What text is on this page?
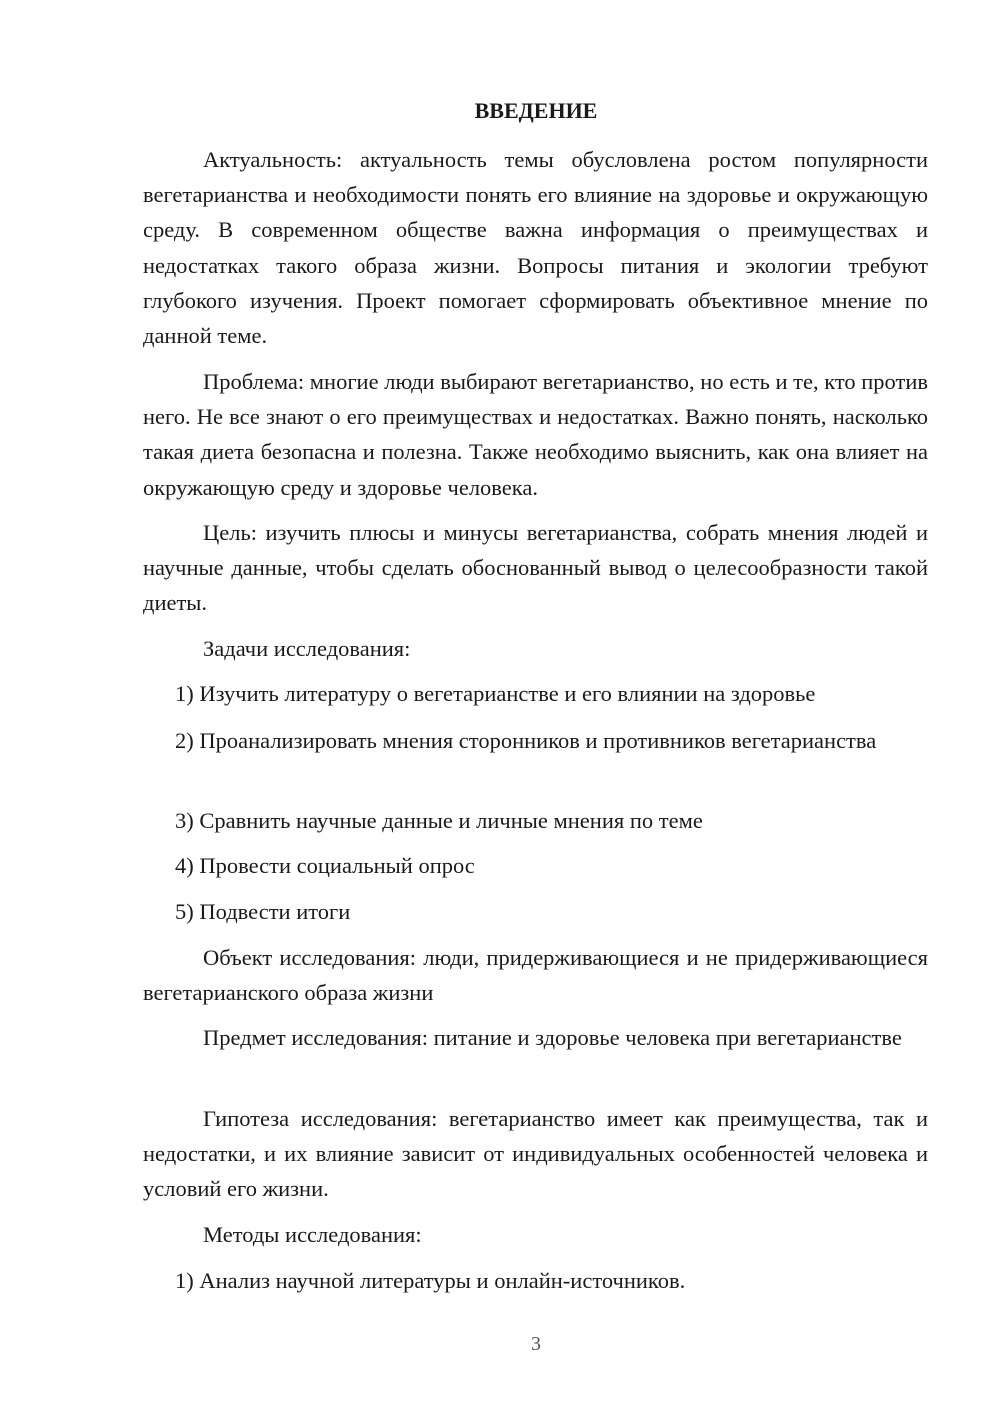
ВВЕДЕНИЕ

Актуальность: актуальность темы обусловлена ростом популярности вегетарианства и необходимости понять его влияние на здоровье и окружающую среду. В современном обществе важна информация о преимуществах и недостатках такого образа жизни. Вопросы питания и экологии требуют глубокого изучения. Проект помогает сформировать объективное мнение по данной теме.

Проблема: многие люди выбирают вегетарианство, но есть и те, кто против него. Не все знают о его преимуществах и недостатках. Важно понять, насколько такая диета безопасна и полезна. Также необходимо выяснить, как она влияет на окружающую среду и здоровье человека.

Цель: изучить плюсы и минусы вегетарианства, собрать мнения людей и научные данные, чтобы сделать обоснованный вывод о целесообразности такой диеты.

Задачи исследования:

1) Изучить литературу о вегетарианстве и его влиянии на здоровье

2) Проанализировать мнения сторонников и противников вегетарианства

3) Сравнить научные данные и личные мнения по теме

4) Провести социальный опрос

5) Подвести итоги

Объект исследования: люди, придерживающиеся и не придерживающиеся вегетарианского образа жизни

Предмет исследования: питание и здоровье человека при вегетарианстве

Гипотеза исследования: вегетарианство имеет как преимущества, так и недостатки, и их влияние зависит от индивидуальных особенностей человека и условий его жизни.

Методы исследования:

1) Анализ научной литературы и онлайн-источников.

3
